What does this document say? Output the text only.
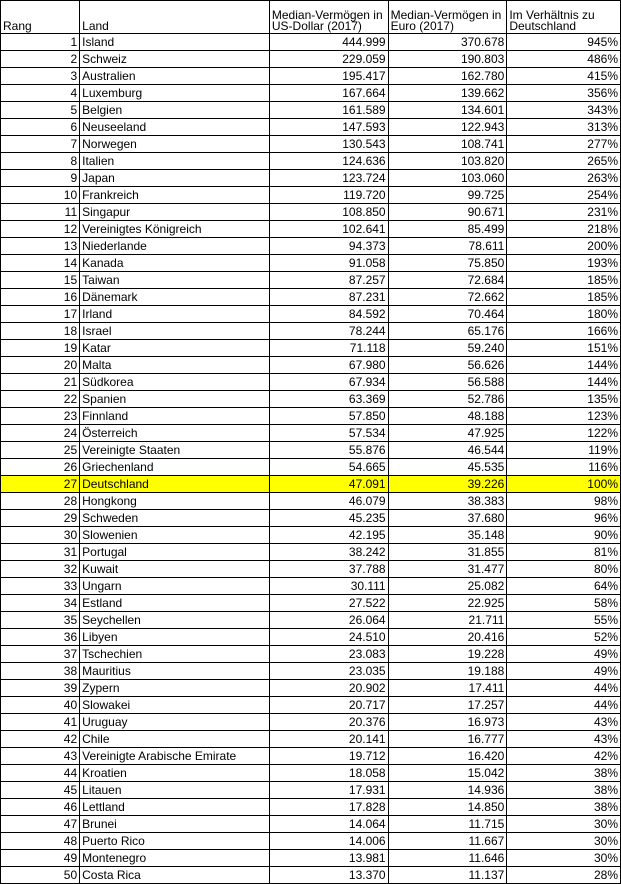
Rang	Land	Median-Vermögen in US-Dollar (2017)	Median-Vermögen in Euro (2017)	Im Verhältnis zu Deutschland
1	Island	444.999	370.678	945%
2	Schweiz	229.059	190.803	486%
3	Australien	195.417	162.780	415%
4	Luxemburg	167.664	139.662	356%
5	Belgien	161.589	134.601	343%
6	Neuseeland	147.593	122.943	313%
7	Norwegen	130.543	108.741	277%
8	Italien	124.636	103.820	265%
9	Japan	123.724	103.060	263%
10	Frankreich	119.720	99.725	254%
11	Singapur	108.850	90.671	231%
12	Vereinigtes Königreich	102.641	85.499	218%
13	Niederlande	94.373	78.611	200%
14	Kanada	91.058	75.850	193%
15	Taiwan	87.257	72.684	185%
16	Dänemark	87.231	72.662	185%
17	Irland	84.592	70.464	180%
18	Israel	78.244	65.176	166%
19	Katar	71.118	59.240	151%
20	Malta	67.980	56.626	144%
21	Südkorea	67.934	56.588	144%
22	Spanien	63.369	52.786	135%
23	Finnland	57.850	48.188	123%
24	Österreich	57.534	47.925	122%
25	Vereinigte Staaten	55.876	46.544	119%
26	Griechenland	54.665	45.535	116%
27	Deutschland	47.091	39.226	100%
28	Hongkong	46.079	38.383	98%
29	Schweden	45.235	37.680	96%
30	Slowenien	42.195	35.148	90%
31	Portugal	38.242	31.855	81%
32	Kuwait	37.788	31.477	80%
33	Ungarn	30.111	25.082	64%
34	Estland	27.522	22.925	58%
35	Seychellen	26.064	21.711	55%
36	Libyen	24.510	20.416	52%
37	Tschechien	23.083	19.228	49%
38	Mauritius	23.035	19.188	49%
39	Zypern	20.902	17.411	44%
40	Slowakei	20.717	17.257	44%
41	Uruguay	20.376	16.973	43%
42	Chile	20.141	16.777	43%
43	Vereinigte Arabische Emirate	19.712	16.420	42%
44	Kroatien	18.058	15.042	38%
45	Litauen	17.931	14.936	38%
46	Lettland	17.828	14.850	38%
47	Brunei	14.064	11.715	30%
48	Puerto Rico	14.006	11.667	30%
49	Montenegro	13.981	11.646	30%
50	Costa Rica	13.370	11.137	28%
